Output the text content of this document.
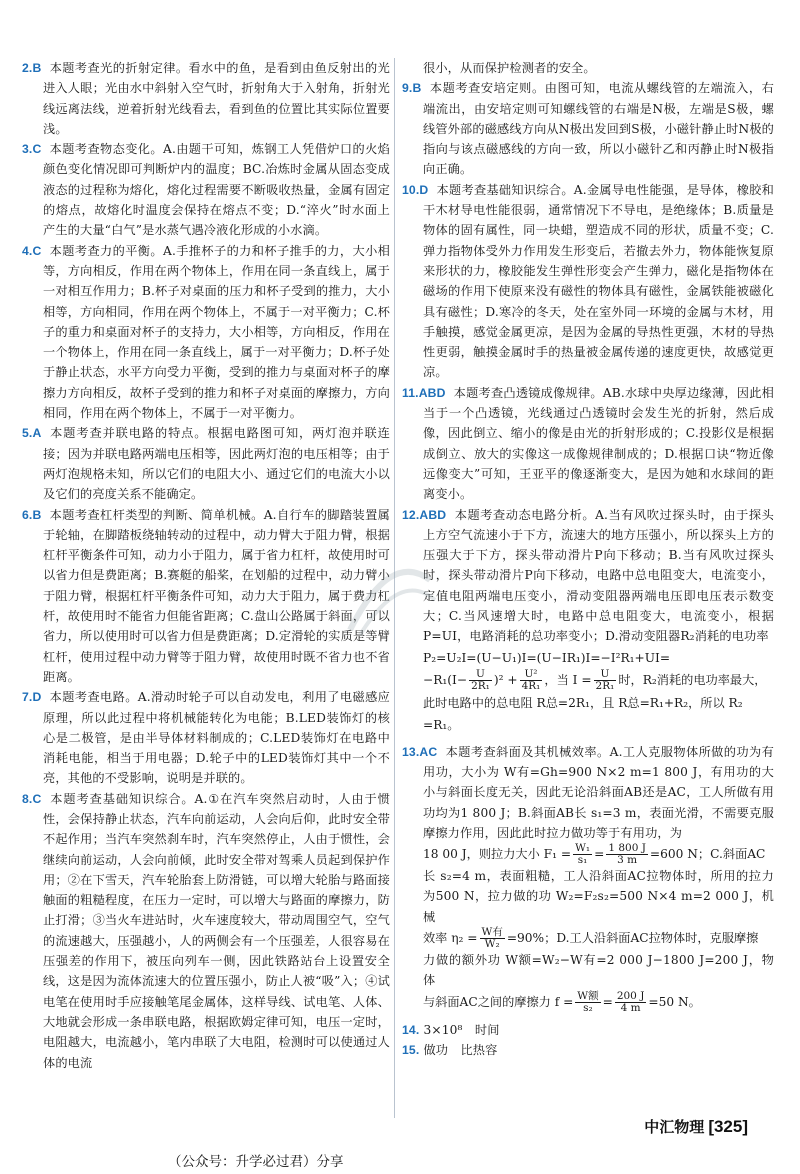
2.B 本题考查光的折射定律。看水中的鱼，是看到由鱼反射出的光进入人眼；光由水中斜射入空气时，折射角大于入射角，折射光线远离法线，逆着折射光线看去，看到鱼的位置比其实际位置要浅。

3.C 本题考查物态变化。A.由题干可知，炼钢工人凭借炉口的火焰颜色变化情况即可判断炉内的温度；BC.冶炼时金属从固态变成液态的过程称为熔化，熔化过程需要不断吸收热量，金属有固定的熔点，故熔化时温度会保持在熔点不变；D.“淬火”时水面上产生的大量“白气”是水蒸气遇冷液化形成的小水滴。

4.C 本题考查力的平衡。A.手推杯子的力和杯子推手的力，大小相等，方向相反，作用在两个物体上，作用在同一条直线上，属于一对相互作用力；B.杯子对桌面的压力和杯子受到的推力，大小相等，方向相同，作用在两个物体上，不属于一对平衡力；C.杯子的重力和桌面对杯子的支持力，大小相等，方向相反，作用在一个物体上，作用在同一条直线上，属于一对平衡力；D.杯子处于静止状态，水平方向受力平衡，受到的推力与桌面对杯子的摩擦力方向相反，故杯子受到的推力和杯子对桌面的摩擦力，方向相同，作用在两个物体上，不属于一对平衡力。

5.A 本题考查并联电路的特点。根据电路图可知，两灯泡并联连接；因为并联电路两端电压相等，因此两灯泡的电压相等；由于两灯泡规格未知，所以它们的电阻大小、通过它们的电流大小以及它们的亮度关系不能确定。

6.B 本题考查杠杆类型的判断、简单机械。A.自行车的脚踏装置属于轮轴，在脚踏板绕轴转动的过程中，动力臂大于阻力臂，根据杠杆平衡条件可知，动力小于阻力，属于省力杠杆，故使用时可以省力但是费距离；B.赛艇的船桨，在划船的过程中，动力臂小于阻力臂，根据杠杆平衡条件可知，动力大于阻力，属于费力杠杆，故使用时不能省力但能省距离；C.盘山公路属于斜面，可以省力，所以使用时可以省力但是费距离；D.定滑轮的实质是等臂杠杆，使用过程中动力臂等于阻力臂，故使用时既不省力也不省距离。

7.D 本题考查电路。A.滑动时轮子可以自动发电，利用了电磁感应原理，所以此过程中将机械能转化为电能；B.LED装饰灯的核心是二极管，是由半导体材料制成的；C.LED装饰灯在电路中消耗电能，相当于用电器；D.轮子中的LED装饰灯其中一个不亮，其他的不受影响，说明是并联的。

8.C 本题考查基础知识综合。A.①在汽车突然启动时，人由于惯性，会保持静止状态，汽车向前运动，人会向后仰，此时安全带不起作用；当汽车突然刹车时，汽车突然停止，人由于惯性，会继续向前运动，人会向前倾，此时安全带对驾乘人员起到保护作用；②在下雪天，汽车轮胎套上防滑链，可以增大轮胎与路面接触面的粗糙程度，在压力一定时，可以增大与路面的摩擦力，防止打滑；③当火车进站时，火车速度较大，带动周围空气，空气的流速越大，压强越小，人的两侧会有一个压强差，人很容易在压强差的作用下，被压向列车一侧，因此铁路站台上设置安全线，这是因为流体流速大的位置压强小，防止人被“吸”入；④试电笔在使用时手应接触笔尾金属体，这样导线、试电笔、人体、大地就会形成一条串联电路，根据欧姆定律可知，电压一定时，电阻越大，电流越小，笔内串联了大电阻，检测时可以使通过人体的电流

很小，从而保护检测者的安全。

9.B 本题考查安培定则。由图可知，电流从螺线管的左端流入，右端流出，由安培定则可知螺线管的右端是N极，左端是S极，螺线管外部的磁感线方向从N极出发回到S极，小磁针静止时N极的指向与该点磁感线的方向一致，所以小磁针乙和丙静止时N极指向正确。

10.D 本题考查基础知识综合。A.金属导电性能强，是导体，橡胶和干木材导电性能很弱，通常情况下不导电，是绝缘体；B.质量是物体的固有属性，同一块蜡，塑造成不同的形状，质量不变；C.弹力指物体受外力作用发生形变后，若撤去外力，物体能恢复原来形状的力，橡胶能发生弹性形变会产生弹力，磁化是指物体在磁场的作用下使原来没有磁性的物体具有磁性，金属铁能被磁化具有磁性；D.寒冷的冬天，处在室外同一环境的金属与木材，用手触摸，感觉金属更凉，是因为金属的导热性更强，木材的导热性更弱，触摸金属时手的热量被金属传递的速度更快，故感觉更凉。

11.ABD 本题考查凸透镜成像规律。AB.水球中央厚边缘薄，因此相当于一个凸透镜，光线通过凸透镜时会发生光的折射，然后成像，因此倒立、缩小的像是由光的折射形成的；C.投影仪是根据成倒立、放大的实像这一成像规律制成的；D.根据口诀“物近像远像变大”可知，王亚平的像逐渐变大，是因为她和水球间的距离变小。

12.ABD 本题考查动态电路分析。A.当有风吹过探头时，由于探头上方空气流速小于下方，流速大的地方压强小，所以探头上方的压强大于下方，探头带动滑片P向下移动；B.当有风吹过探头时，探头带动滑片P向下移动，电路中总电阻变大，电流变小，定值电阻两端电压变小，滑动变阻器两端电压即电压表示数变大；C.当风速增大时，电路中总电阻变大，电流变小，根据P=UI，电路消耗的总功率变小；D.滑动变阻器R₂消耗的电功率

P₂=U₂I=(U−U₁)I=(U−IR₁)I=−I²R₁+UI=

$-R_1(I- \frac{U}{\text{2R₁}} )^2 + \frac{\text{U²}}{\text{4R₁}}$ ，当 $I = \frac{U}{\text{2R₁}}$ 时，R₂消耗的电功率最大，

此时电路中的总电阻 R总=2R₁，且 R总=R₁+R₂，所以 R₂

=R₁。

13.AC 本题考查斜面及其机械效率。A.工人克服物体所做的功为有用功，大小为 W有=Gh=900 N×2 m=1 800 J，有用功的大小与斜面长度无关，因此无论沿斜面AB还是AC，工人所做有用功均为1 800 J；B.斜面AB长 s₁=3 m，表面光滑，不需要克服摩擦力作用，因此此时拉力做功等于有用功，为

18 00 J，则拉力大小 $F_1 = \frac{\text{W₁}}{\text{s₁}} = \frac{1 800 J}{3 m} =600$ N；C.斜面AC

长 s₂=4 m，表面粗糙，工人沿斜面AC拉物体时，所用的拉力为500 N，拉力做的功 W₂=F₂s₂=500 N×4 m=2 000 J，机械

效率 $\eta_2 = \frac{\text{W有}}{\text{W₂}} =90\%$；D.工人沿斜面AC拉物体时，克服摩擦

力做的额外功 W额=W₂−W有=2 000 J−1800 J=200 J，物体

与斜面AC之间的摩擦力 $f = \frac{\text{W额}}{\text{s₂}} = \frac{200 J}{4 m} =50$ N。

14. 3×10⁸　时间

15. 做功　比热容

中汇物理 [325]
（公众号：升学必过君）分享
